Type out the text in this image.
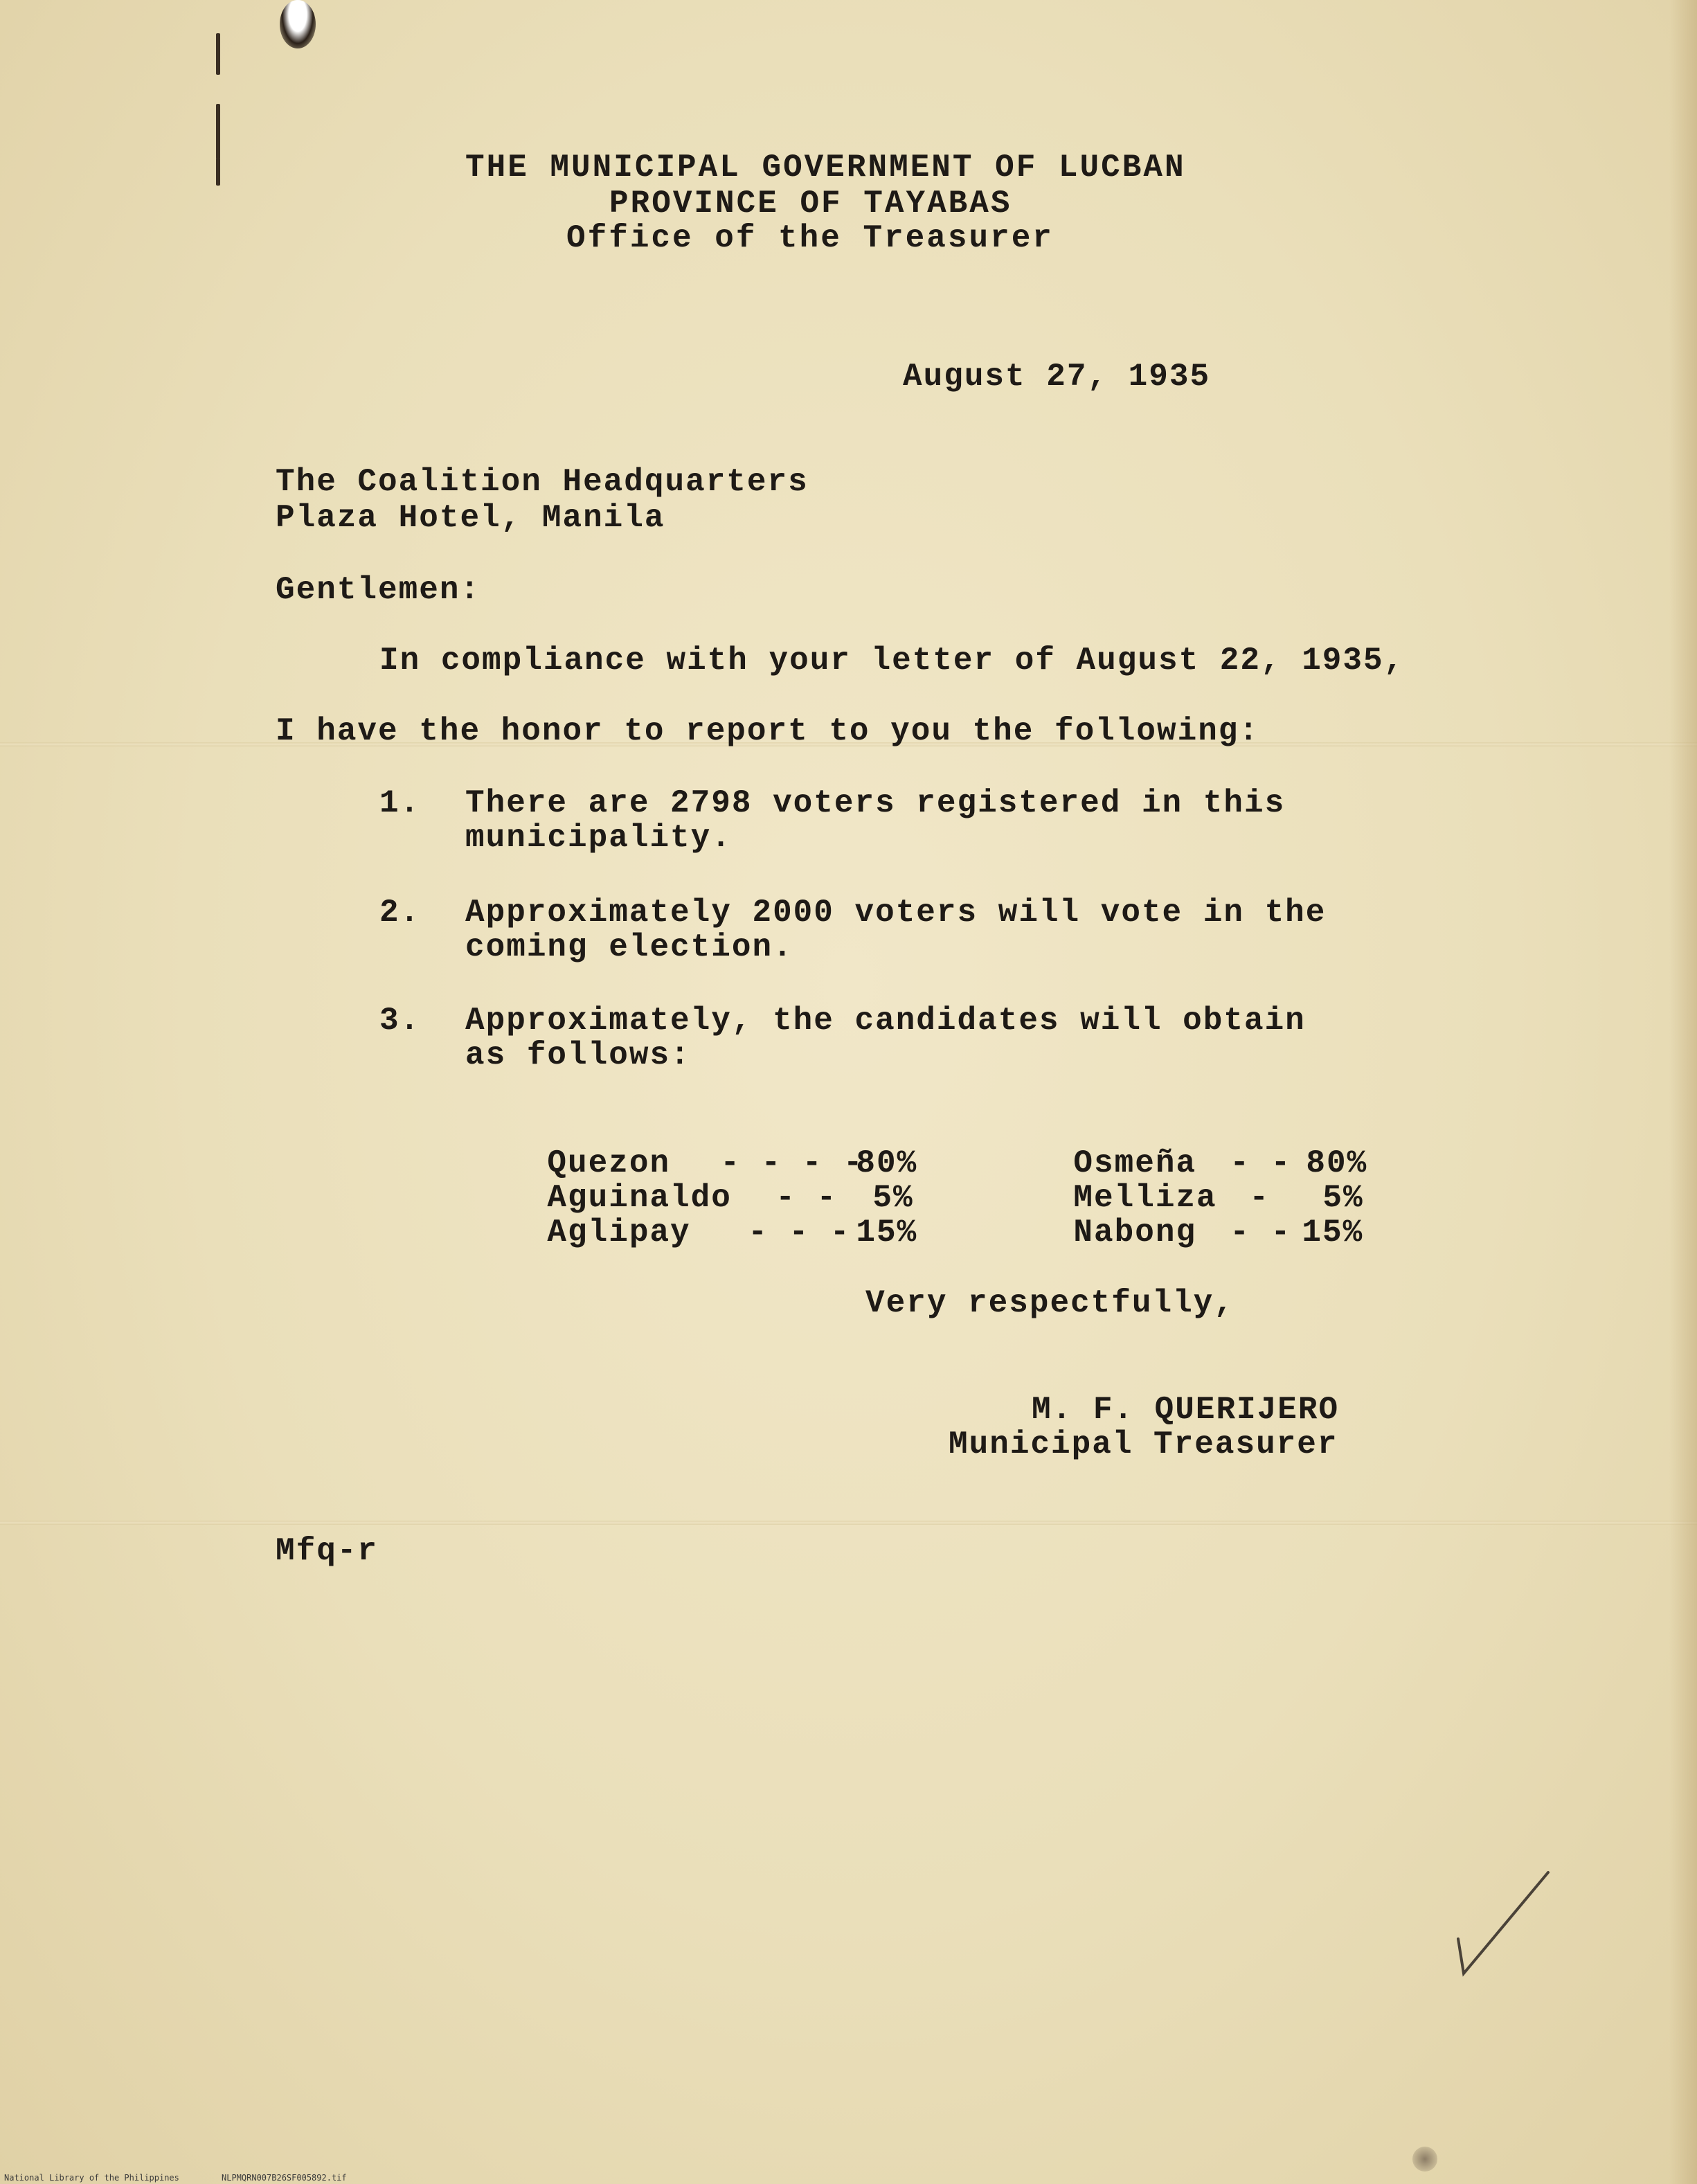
THE MUNICIPAL GOVERNMENT OF LUCBAN
PROVINCE OF TAYABAS
Office of the Treasurer
August 27, 1935
The Coalition Headquarters
Plaza Hotel, Manila
Gentlemen:
In compliance with your letter of August 22, 1935,
I have the honor to report to you the following:
1. There are 2798 voters registered in this
municipality.
2. Approximately 2000 voters will vote in the
coming election.
3. Approximately, the candidates will obtain
as follows:

Quezon - - - -80%

Aguinaldo - - 5%

Aglipay - - - 15%

Osmeña - - 80%

Melliza - 5%

Nabong - - 15%

Very respectfully,
M. F. QUERIJERO
Municipal Treasurer
Mfq-r
National Library of the Philippines	NLPMQRN007B26SF005892.tif
